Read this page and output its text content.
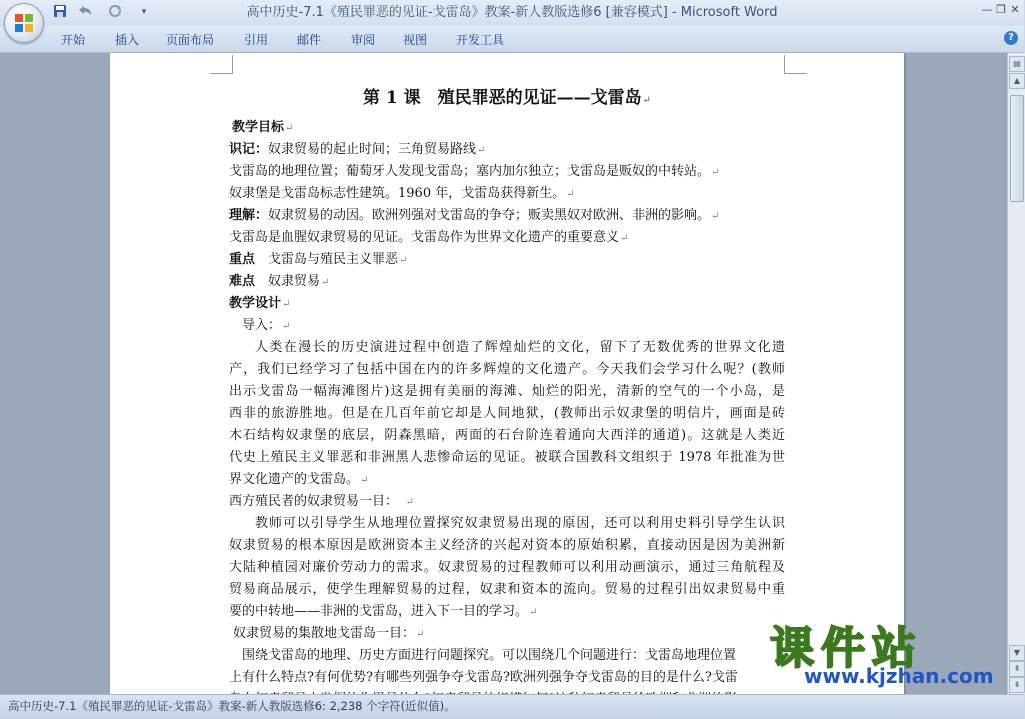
高中历史-7.1《殖民罪恶的见证-戈雷岛》教案-新人教版选修6 [兼容模式] - Microsoft Word
▾	— ❐ ✕
开始 插入 页面布局 引用 邮件 审阅 视图 开发工具	?
第 1 课　殖民罪恶的见证——戈雷岛↵
教学目标↵
识记：奴隶贸易的起止时间；三角贸易路线↵
戈雷岛的地理位置；葡萄牙人发现戈雷岛；塞内加尔独立；戈雷岛是贩奴的中转站。↵
奴隶堡是戈雷岛标志性建筑。1960 年，戈雷岛获得新生。↵
理解：奴隶贸易的动因。欧洲列强对戈雷岛的争夺；贩卖黑奴对欧洲、非洲的影响。↵
戈雷岛是血腥奴隶贸易的见证。戈雷岛作为世界文化遗产的重要意义↵
重点　 戈雷岛与殖民主义罪恶↵
难点　 奴隶贸易↵
教学设计↵
导入：↵
人类在漫长的历史演进过程中创造了辉煌灿烂的文化，留下了无数优秀的世界文化遗
产，我们已经学习了包括中国在内的许多辉煌的文化遗产。今天我们会学习什么呢？(教师
出示戈雷岛一幅海滩图片)这是拥有美丽的海滩、灿烂的阳光，清新的空气的一个小岛，是
西非的旅游胜地。但是在几百年前它却是人间地狱，(教师出示奴隶堡的明信片，画面是砖
木石结构奴隶堡的底层，阴森黑暗，两面的石台阶连着通向大西洋的通道)。这就是人类近
代史上殖民主义罪恶和非洲黑人悲惨命运的见证。被联合国教科文组织于 1978 年批准为世
界文化遗产的戈雷岛。↵
西方殖民者的奴隶贸易一目：　 ↵
教师可以引导学生从地理位置探究奴隶贸易出现的原因，还可以利用史料引导学生认识
奴隶贸易的根本原因是欧洲资本主义经济的兴起对资本的原始积累，直接动因是因为美洲新
大陆种植园对廉价劳动力的需求。奴隶贸易的过程教师可以利用动画演示，通过三角航程及
贸易商品展示，使学生理解贸易的过程，奴隶和资本的流向。贸易的过程引出奴隶贸易中重
要的中转地——非洲的戈雷岛，进入下一目的学习。↵
奴隶贸易的集散地戈雷岛一目：↵
围绕戈雷岛的地理、历史方面进行问题探究。可以围绕几个问题进行：戈雷岛地理位置
上有什么特点?有何优势?有哪些列强争夺戈雷岛?欧洲列强争夺戈雷岛的目的是什么?戈雷
▤
▲
▼
⇞
⇟
课件站
www.kjzhan.com
高中历史-7.1《殖民罪恶的见证-戈雷岛》教案-新人教版选修6: 2,238 个字符(近似值)。
